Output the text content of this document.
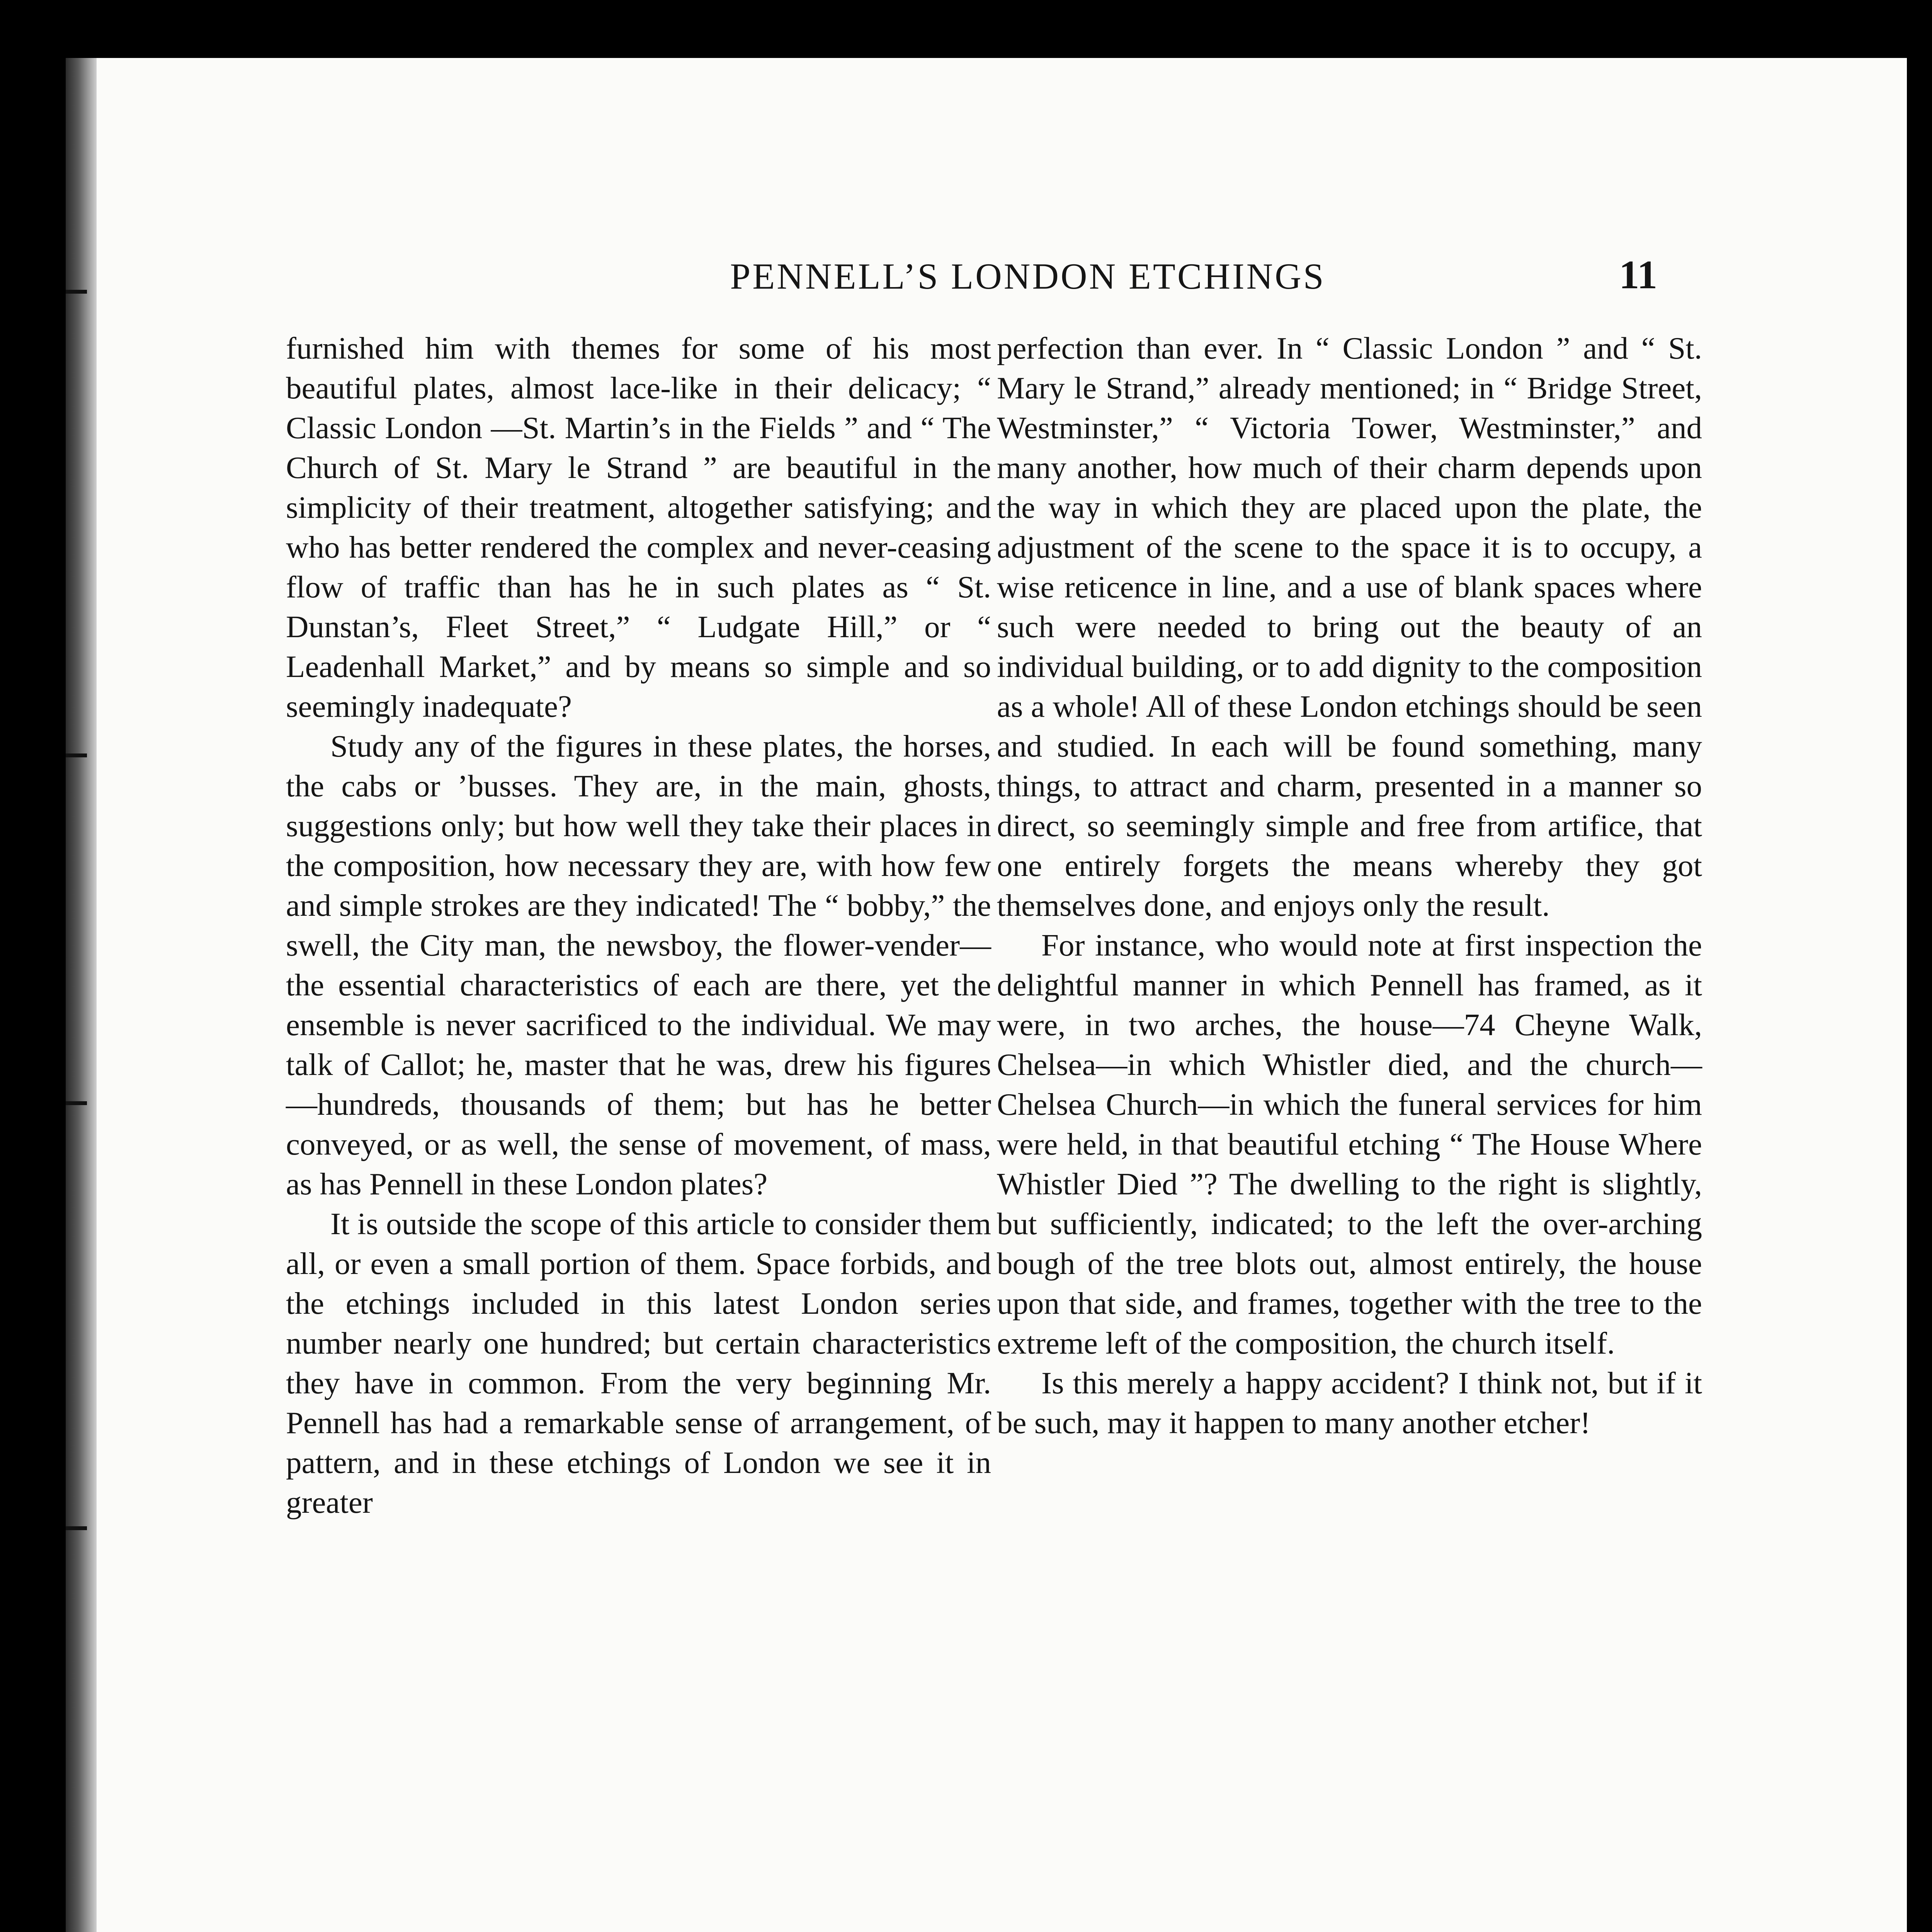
PENNELL’S LONDON ETCHINGS	11

furnished him with themes for some of his most beautiful plates, almost lace-like in their delicacy; “ Classic London —St. Martin’s in the Fields ” and “ The Church of St. Mary le Strand ” are beautiful in the simplicity of their treatment, altogether satisfying; and who has better rendered the complex and never-ceasing flow of traffic than has he in such plates as “ St. Dunstan’s, Fleet Street,” “ Ludgate Hill,” or “ Leadenhall Market,” and by means so simple and so seemingly inadequate?

Study any of the figures in these plates, the horses, the cabs or ’busses. They are, in the main, ghosts, suggestions only; but how well they take their places in the composition, how necessary they are, with how few and simple strokes are they indicated! The “ bobby,” the swell, the City man, the newsboy, the flower-vender—the essential characteristics of each are there, yet the ensemble is never sacrificed to the individual. We may talk of Callot; he, master that he was, drew his figures—hundreds, thousands of them; but has he better conveyed, or as well, the sense of movement, of mass, as has Pennell in these London plates?

It is outside the scope of this article to consider them all, or even a small portion of them. Space forbids, and the etchings included in this latest London series number nearly one hundred; but certain characteristics they have in common. From the very beginning Mr. Pennell has had a remarkable sense of arrangement, of pattern, and in these etchings of London we see it in greater

perfection than ever. In “ Classic London ” and “ St. Mary le Strand,” already mentioned; in “ Bridge Street, Westminster,” “ Victoria Tower, Westminster,” and many another, how much of their charm depends upon the way in which they are placed upon the plate, the adjustment of the scene to the space it is to occupy, a wise reticence in line, and a use of blank spaces where such were needed to bring out the beauty of an individual building, or to add dignity to the composition as a whole! All of these London etchings should be seen and studied. In each will be found something, many things, to attract and charm, presented in a manner so direct, so seemingly simple and free from artifice, that one entirely forgets the means whereby they got themselves done, and enjoys only the result.

For instance, who would note at first inspection the delightful manner in which Pennell has framed, as it were, in two arches, the house—74 Cheyne Walk, Chelsea—in which Whistler died, and the church—Chelsea Church—in which the funeral services for him were held, in that beautiful etching “ The House Where Whistler Died ”? The dwelling to the right is slightly, but sufficiently, indicated; to the left the over-arching bough of the tree blots out, almost entirely, the house upon that side, and frames, together with the tree to the extreme left of the composition, the church itself.

Is this merely a happy accident? I think not, but if it be such, may it happen to many another etcher!
